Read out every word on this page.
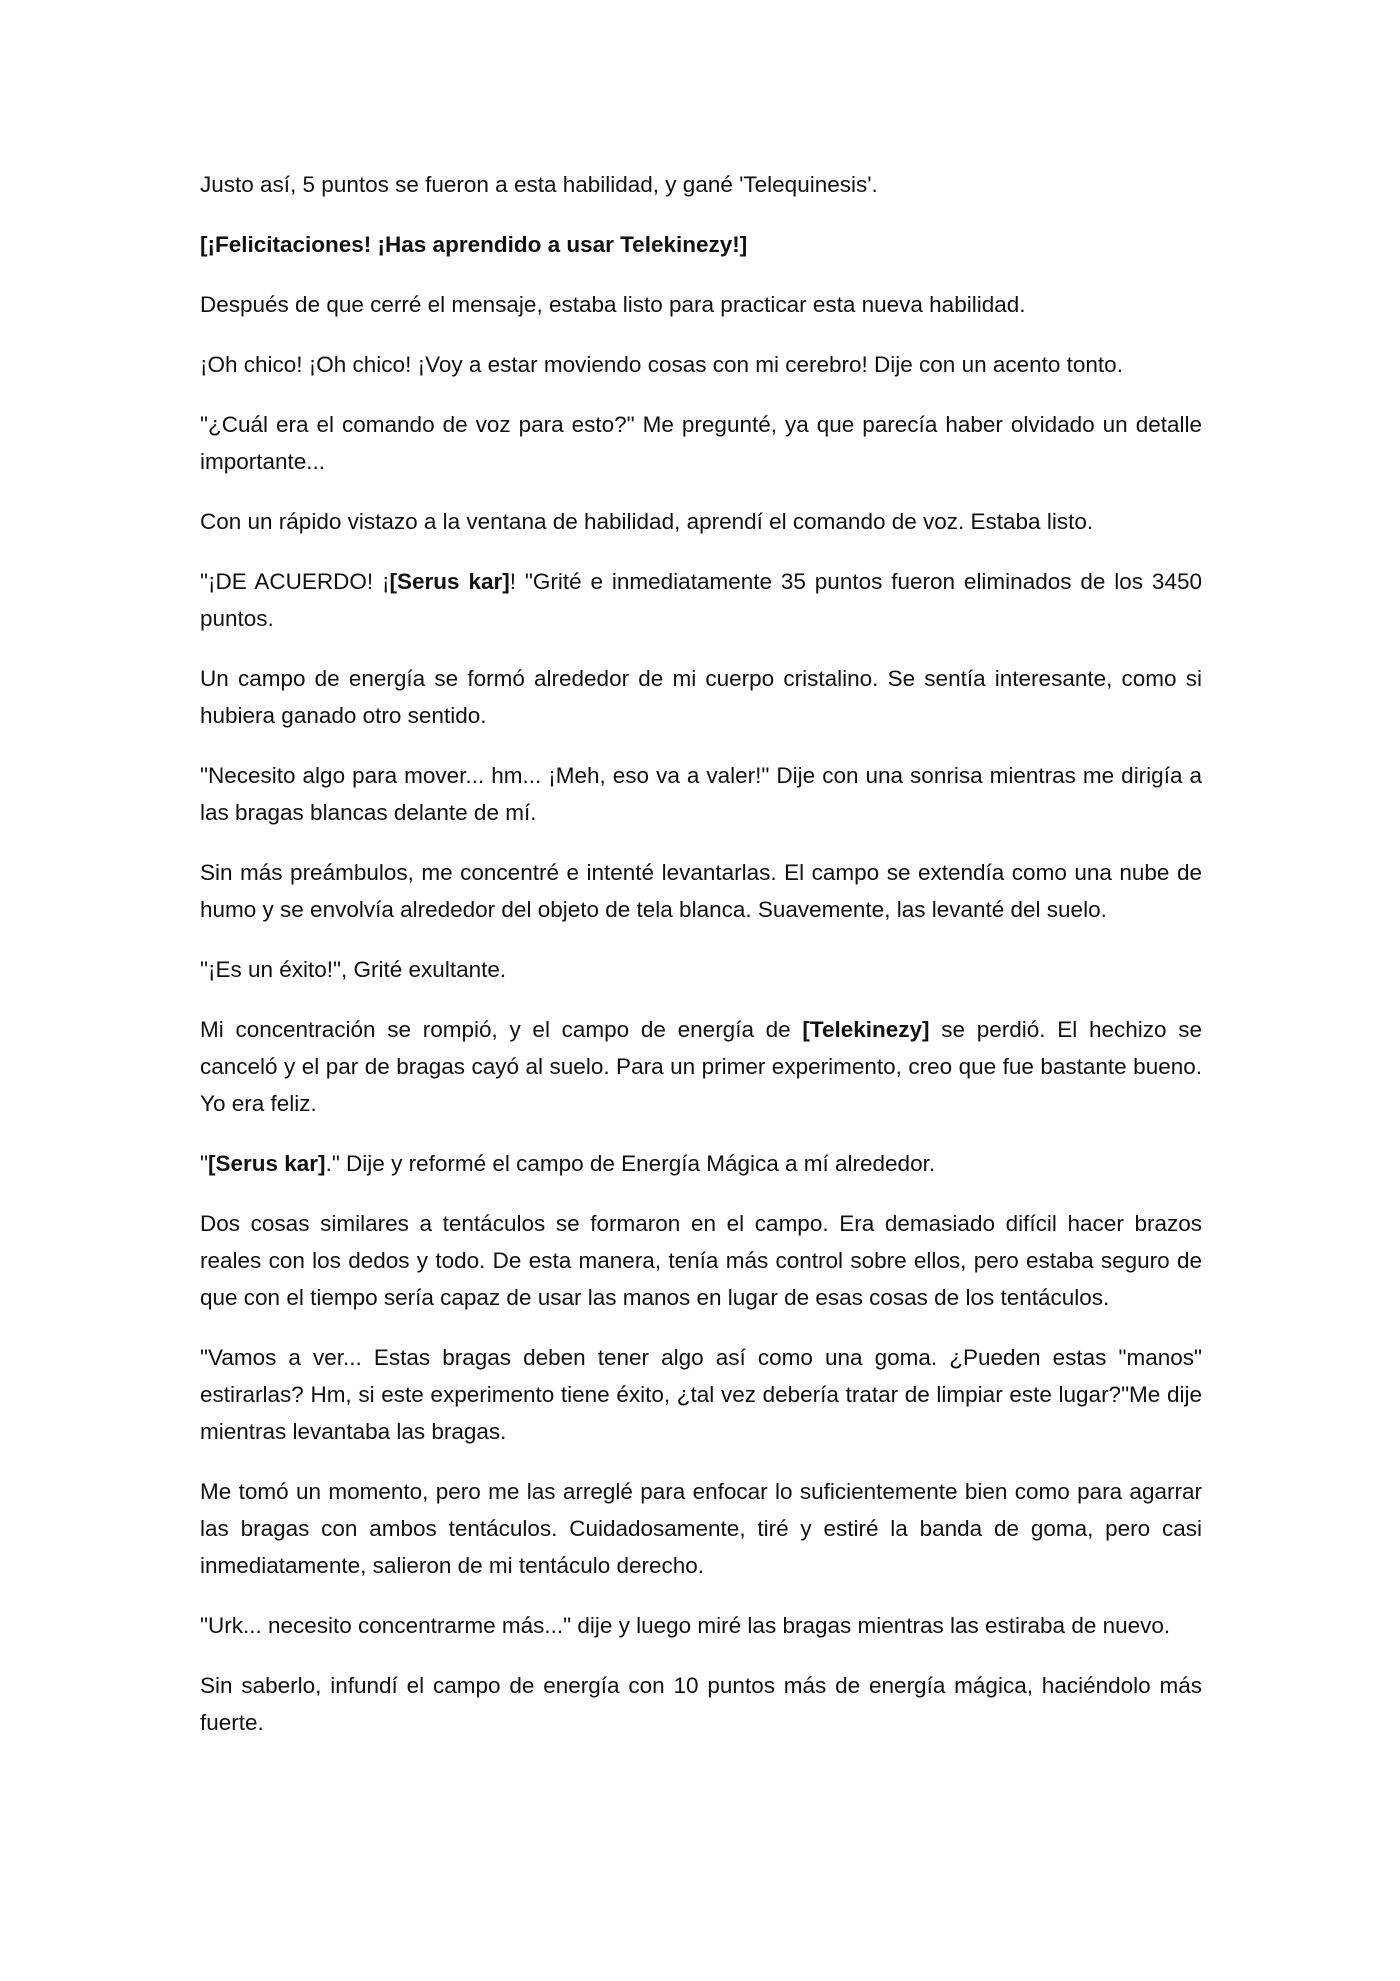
Justo así, 5 puntos se fueron a esta habilidad, y gané 'Telequinesis'.

[¡Felicitaciones! ¡Has aprendido a usar Telekinezy!]

Después de que cerré el mensaje, estaba listo para practicar esta nueva habilidad.

¡Oh chico! ¡Oh chico! ¡Voy a estar moviendo cosas con mi cerebro! Dije con un acento tonto.

"¿Cuál era el comando de voz para esto?" Me pregunté, ya que parecía haber olvidado un detalle importante...

Con un rápido vistazo a la ventana de habilidad, aprendí el comando de voz. Estaba listo.

"¡DE ACUERDO! ¡[Serus kar]! "Grité e inmediatamente 35 puntos fueron eliminados de los 3450 puntos.

Un campo de energía se formó alrededor de mi cuerpo cristalino. Se sentía interesante, como si hubiera ganado otro sentido.

"Necesito algo para mover... hm... ¡Meh, eso va a valer!" Dije con una sonrisa mientras me dirigía a las bragas blancas delante de mí.

Sin más preámbulos, me concentré e intenté levantarlas. El campo se extendía como una nube de humo y se envolvía alrededor del objeto de tela blanca. Suavemente, las levanté del suelo.

"¡Es un éxito!", Grité exultante.

Mi concentración se rompió, y el campo de energía de [Telekinezy] se perdió. El hechizo se canceló y el par de bragas cayó al suelo. Para un primer experimento, creo que fue bastante bueno. Yo era feliz.

"[Serus kar]." Dije y reformé el campo de Energía Mágica a mí alrededor.

Dos cosas similares a tentáculos se formaron en el campo. Era demasiado difícil hacer brazos reales con los dedos y todo. De esta manera, tenía más control sobre ellos, pero estaba seguro de que con el tiempo sería capaz de usar las manos en lugar de esas cosas de los tentáculos.

"Vamos a ver... Estas bragas deben tener algo así como una goma. ¿Pueden estas "manos" estirarlas? Hm, si este experimento tiene éxito, ¿tal vez debería tratar de limpiar este lugar?"Me dije mientras levantaba las bragas.

Me tomó un momento, pero me las arreglé para enfocar lo suficientemente bien como para agarrar las bragas con ambos tentáculos. Cuidadosamente, tiré y estiré la banda de goma, pero casi inmediatamente, salieron de mi tentáculo derecho.

"Urk... necesito concentrarme más..." dije y luego miré las bragas mientras las estiraba de nuevo.

Sin saberlo, infundí el campo de energía con 10 puntos más de energía mágica, haciéndolo más fuerte.
